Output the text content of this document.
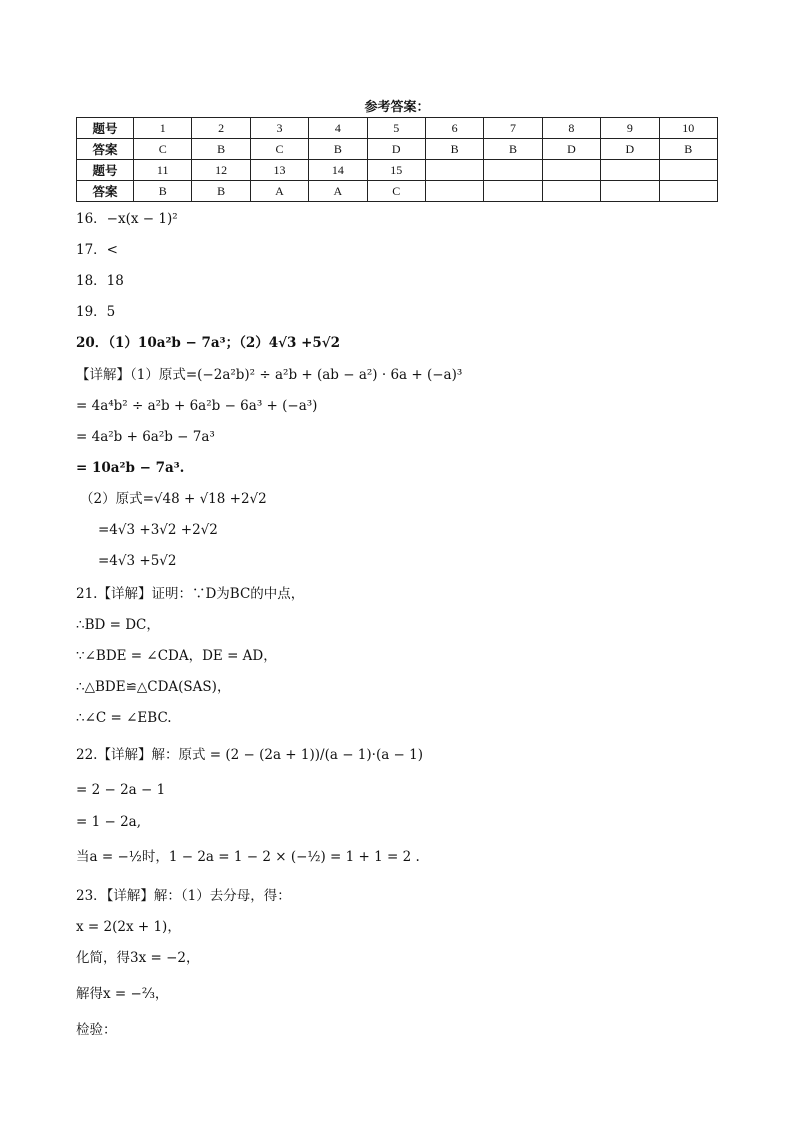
参考答案：
题号	1	2	3	4	5	6	7	8	9	10
答案	C	B	C	B	D	B	B	D	D	B
题号	11	12	13	14	15					
答案	B	B	A	A	C					
16．−x(x − 1)²
17．<
18．18
19．5
20．（1）10a²b − 7a³；（2）4√3 +5√2
【详解】（1）原式=(−2a²b)² ÷ a²b + (ab − a²) · 6a + (−a)³
= 4a⁴b² ÷ a²b + 6a²b − 6a³ + (−a³)
= 4a²b + 6a²b − 7a³
= 10a²b − 7a³.
（2）原式=√48 + √18 +2√2
=4√3 +3√2 +2√2
=4√3 +5√2
21.【详解】证明：∵D为BC的中点，
∴BD = DC，
∵∠BDE = ∠CDA，DE = AD，
∴△BDE≌△CDA(SAS)，
∴∠C = ∠EBC.
22.【详解】解：原式 = (2 − (2a + 1))/(a − 1)·(a − 1)
= 2 − 2a − 1
= 1 − 2a,
当a = −½时，1 − 2a = 1 − 2 × (−½) = 1 + 1 = 2 .
23．【详解】解：（1）去分母，得：
x = 2(2x + 1)，
化简，得3x = −2，
解得x = −⅔，
检验：
